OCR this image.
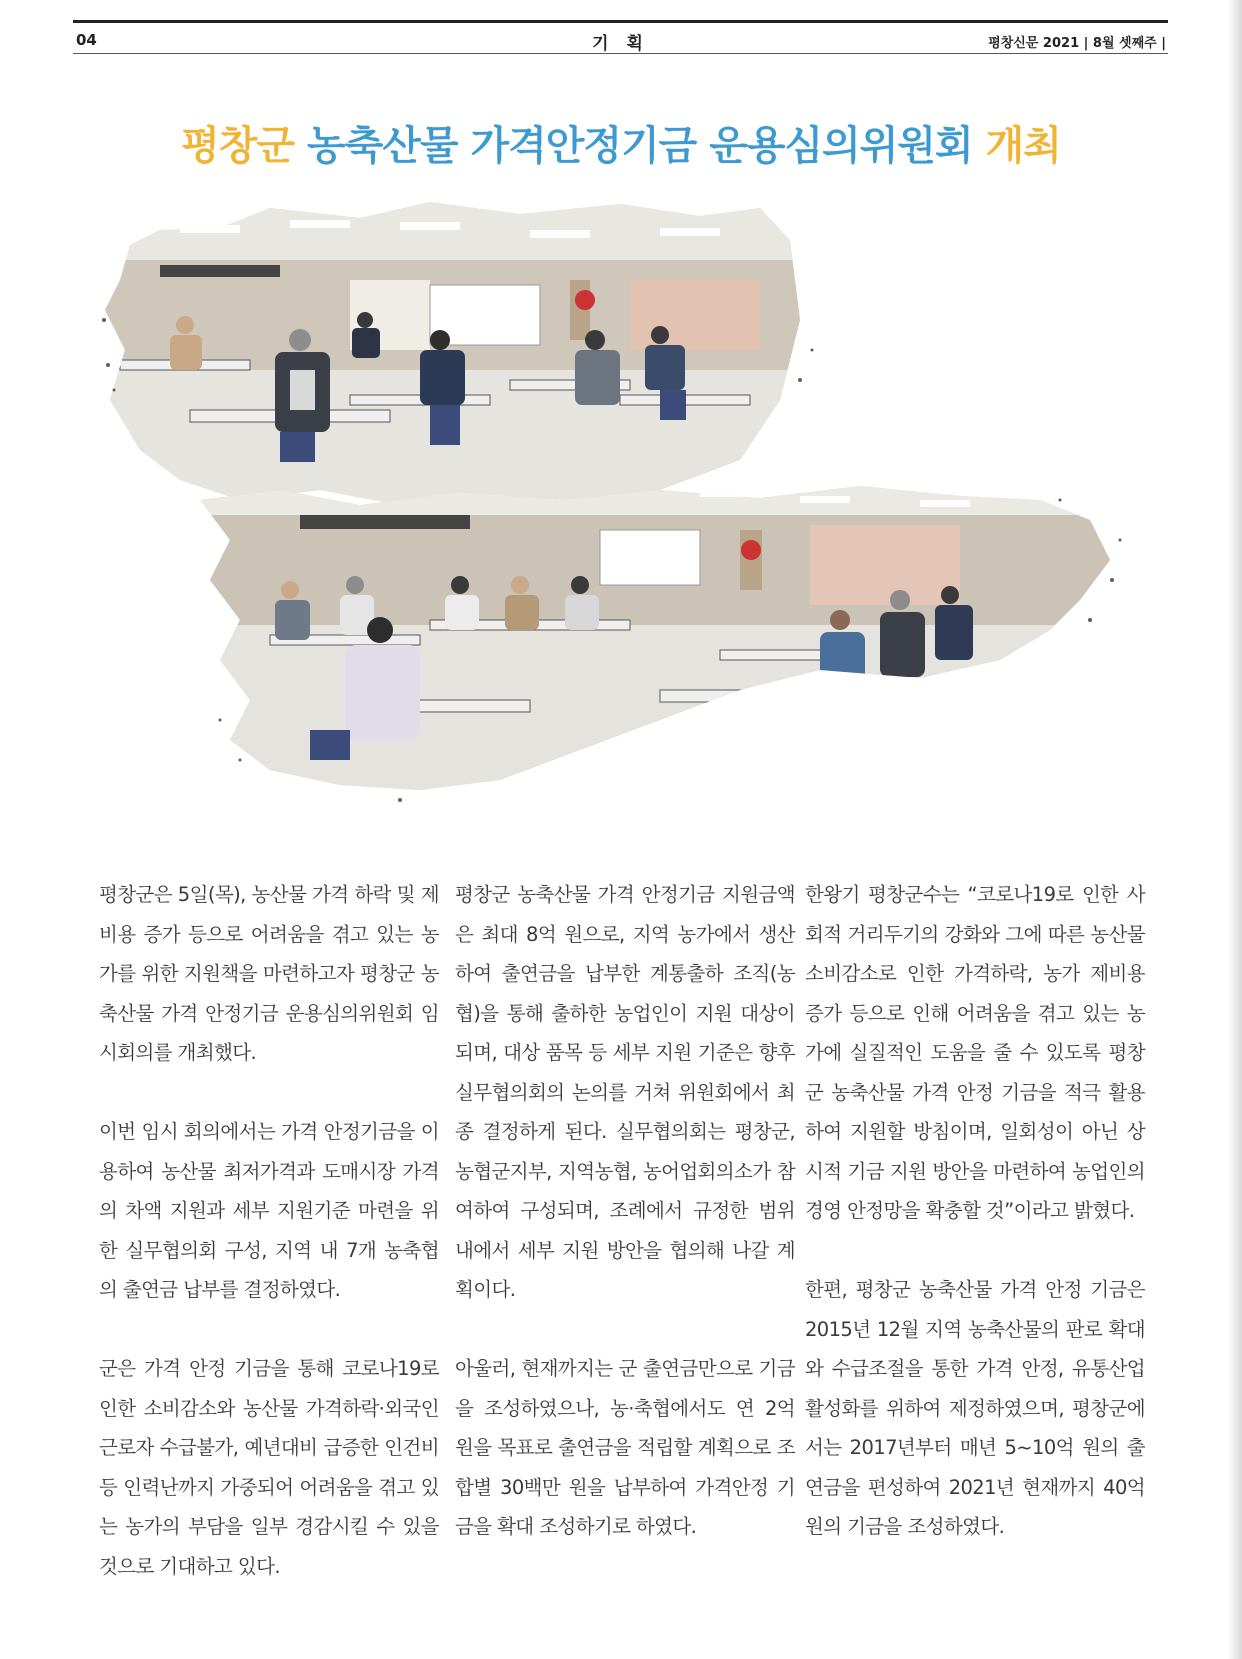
04	기 획	평창신문 2021 | 8월 셋째주 |
평창군 농축산물 가격안정기금 운용심의위원회 개최

평창군은 5일(목), 농산물 가격 하락 및 제비용 증가 등으로 어려움을 겪고 있는 농가를 위한 지원책을 마련하고자 평창군 농축산물 가격 안정기금 운용심의위원회 임시회의를 개최했다.

이번 임시 회의에서는 가격 안정기금을 이용하여 농산물 최저가격과 도매시장 가격의 차액 지원과 세부 지원기준 마련을 위한 실무협의회 구성, 지역 내 7개 농축협의 출연금 납부를 결정하였다.

군은 가격 안정 기금을 통해 코로나19로 인한 소비감소와 농산물 가격하락·외국인 근로자 수급불가, 예년대비 급증한 인건비 등 인력난까지 가중되어 어려움을 겪고 있는 농가의 부담을 일부 경감시킬 수 있을 것으로 기대하고 있다.

평창군 농축산물 가격 안정기금 지원금액은 최대 8억 원으로, 지역 농가에서 생산하여 출연금을 납부한 계통출하 조직(농협)을 통해 출하한 농업인이 지원 대상이 되며, 대상 품목 등 세부 지원 기준은 향후 실무협의회의 논의를 거쳐 위원회에서 최종 결정하게 된다. 실무협의회는 평창군, 농협군지부, 지역농협, 농어업회의소가 참여하여 구성되며, 조례에서 규정한 범위 내에서 세부 지원 방안을 협의해 나갈 계획이다.

아울러, 현재까지는 군 출연금만으로 기금을 조성하였으나, 농·축협에서도 연 2억 원을 목표로 출연금을 적립할 계획으로 조합별 30백만 원을 납부하여 가격안정 기금을 확대 조성하기로 하였다.

한왕기 평창군수는 “코로나19로 인한 사회적 거리두기의 강화와 그에 따른 농산물 소비감소로 인한 가격하락, 농가 제비용 증가 등으로 인해 어려움을 겪고 있는 농가에 실질적인 도움을 줄 수 있도록 평창군 농축산물 가격 안정 기금을 적극 활용하여 지원할 방침이며, 일회성이 아닌 상시적 기금 지원 방안을 마련하여 농업인의 경영 안정망을 확충할 것”이라고 밝혔다.

한편, 평창군 농축산물 가격 안정 기금은 2015년 12월 지역 농축산물의 판로 확대와 수급조절을 통한 가격 안정, 유통산업 활성화를 위하여 제정하였으며, 평창군에서는 2017년부터 매년 5~10억 원의 출연금을 편성하여 2021년 현재까지 40억 원의 기금을 조성하였다.
